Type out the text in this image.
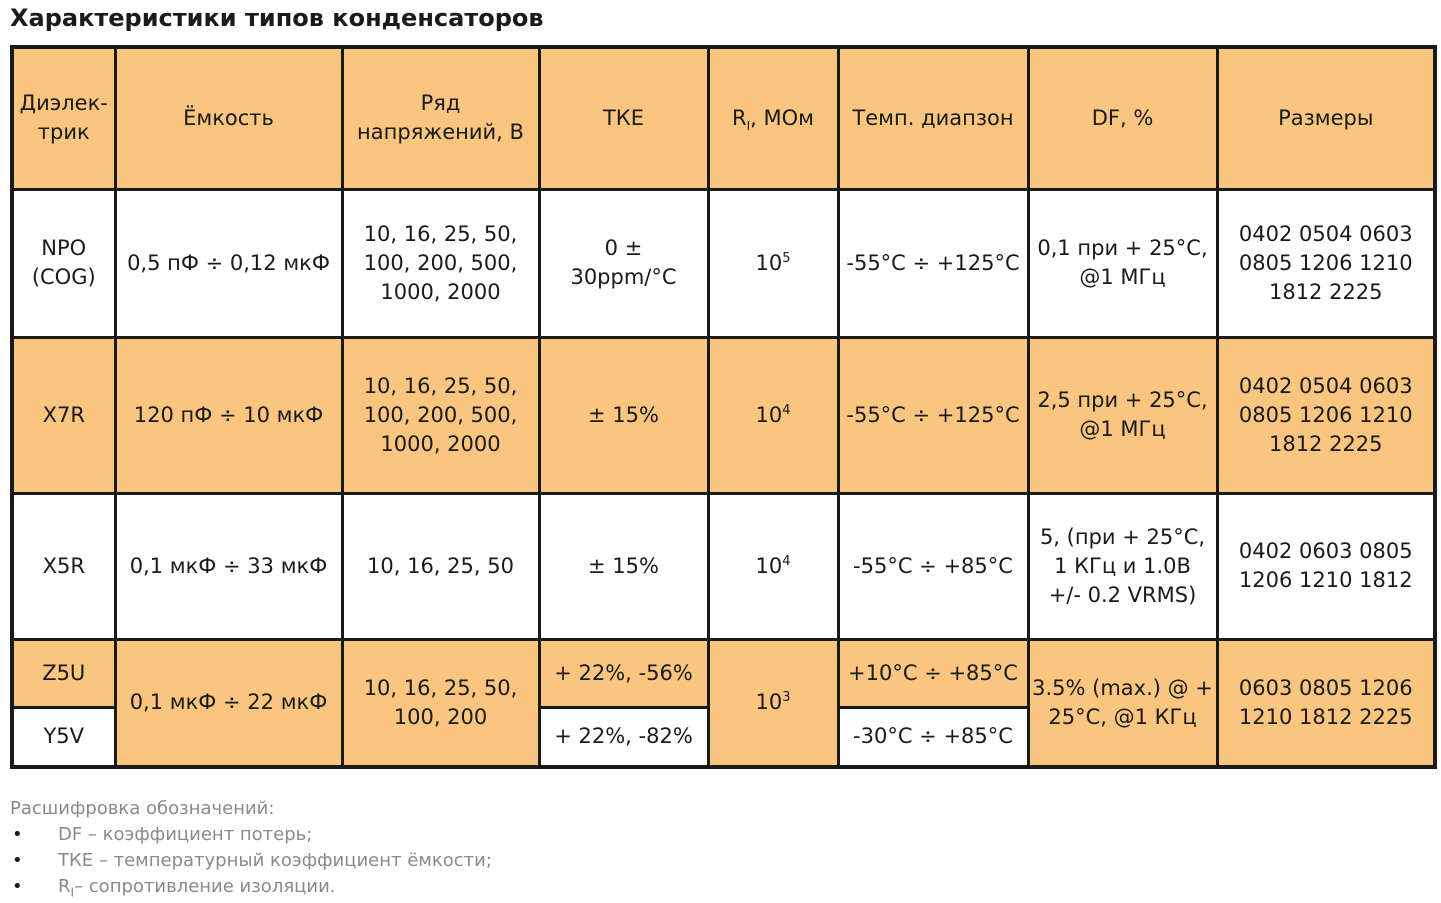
Характеристики типов конденсаторов
Диэлек-
трик	Ёмкость	Ряд
напряжений, В	ТКЕ	$R_I$, МОм	Темп. диапзон	DF, %	Размеры

NPO
(COG)	0,5 пФ ÷ 0,12 мкФ	10, 16, 25, 50,
100, 200, 500,
1000, 2000	0 ±
30ppm/°C	$10^5$	-55°C ÷ +125°C	0,1 при + 25°C,
@1 МГц	0402 0504 0603
0805 1206 1210
1812 2225

X7R	120 пФ ÷ 10 мкФ	10, 16, 25, 50,
100, 200, 500,
1000, 2000	± 15%	$10^4$	-55°C ÷ +125°C	2,5 при + 25°C,
@1 МГц	0402 0504 0603
0805 1206 1210
1812 2225

X5R	0,1 мкФ ÷ 33 мкФ	10, 16, 25, 50	± 15%	$10^4$	-55°C ÷ +85°C	5, (при + 25°C,
1 КГц и 1.0В
+/- 0.2 VRMS)	0402 0603 0805
1206 1210 1812

Z5U	0,1 мкФ ÷ 22 мкФ	10, 16, 25, 50,
100, 200	+ 22%, -56%	$10^3$	+10°C ÷ +85°C	3.5% (max.) @ +
25°C, @1 КГц	0603 0805 1206
1210 1812 2225

Y5V			+ 22%, -82%		-30°C ÷ +85°C		

Расшифровка обозначений:

• DF – коэффициент потерь;
• ТКЕ – температурный коэффициент ёмкости;
• $R_I-$ сопротивление изоляции.
